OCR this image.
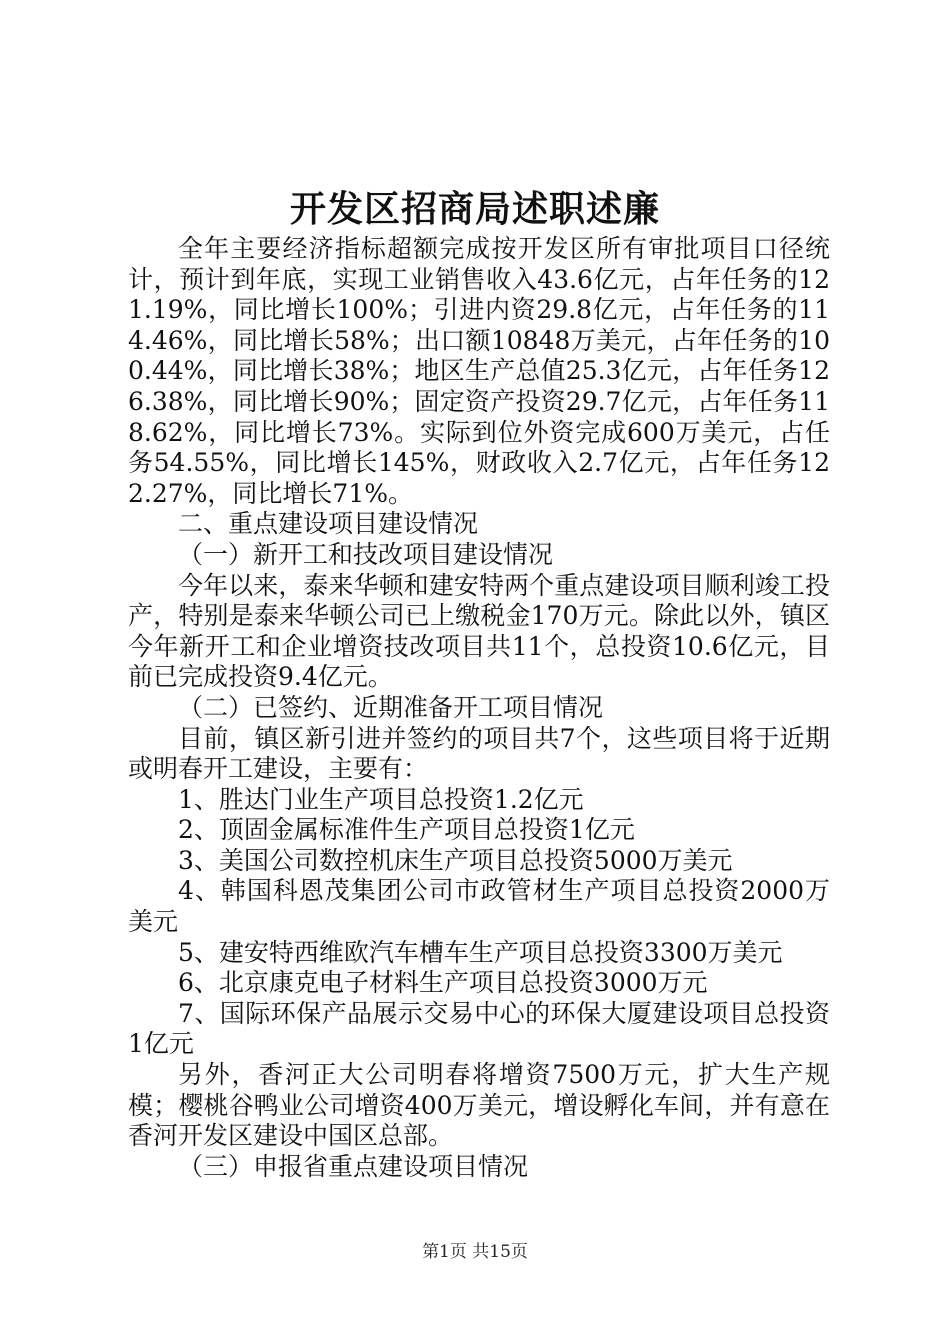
开发区招商局述职述廉

全年主要经济指标超额完成按开发区所有审批项目口径统计，预计到年底，实现工业销售收入43.6亿元，占年任务的121.19%，同比增长100%；引进内资29.8亿元，占年任务的114.46%，同比增长58%；出口额10848万美元，占年任务的100.44%，同比增长38%；地区生产总值25.3亿元，占年任务126.38%，同比增长90%；固定资产投资29.7亿元，占年任务118.62%，同比增长73%。实际到位外资完成600万美元，占任务54.55%，同比增长145%，财政收入2.7亿元，占年任务122.27%，同比增长71%。

二、重点建设项目建设情况

（一）新开工和技改项目建设情况

今年以来，泰来华顿和建安特两个重点建设项目顺利竣工投产，特别是泰来华顿公司已上缴税金170万元。除此以外，镇区今年新开工和企业增资技改项目共11个，总投资10.6亿元，目前已完成投资9.4亿元。

（二）已签约、近期准备开工项目情况

目前，镇区新引进并签约的项目共7个，这些项目将于近期或明春开工建设，主要有：

1、胜达门业生产项目总投资1.2亿元

2、顶固金属标准件生产项目总投资1亿元

3、美国公司数控机床生产项目总投资5000万美元

4、韩国科恩茂集团公司市政管材生产项目总投资2000万美元

5、建安特西维欧汽车槽车生产项目总投资3300万美元

6、北京康克电子材料生产项目总投资3000万元

7、国际环保产品展示交易中心的环保大厦建设项目总投资1亿元

另外，香河正大公司明春将增资7500万元，扩大生产规模；樱桃谷鸭业公司增资400万美元，增设孵化车间，并有意在香河开发区建设中国区总部。

（三）申报省重点建设项目情况

第1页 共15页
